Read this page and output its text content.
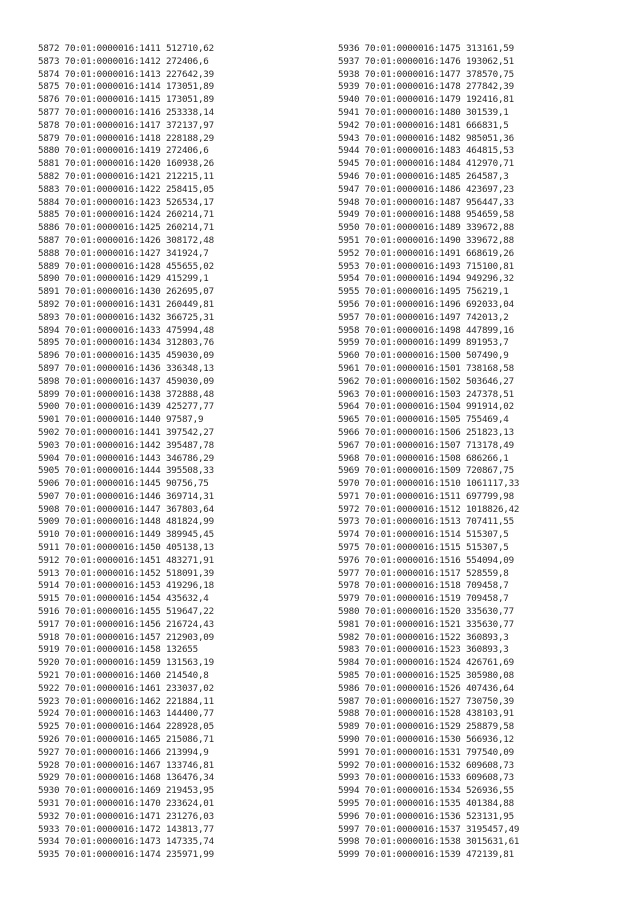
5872 70:01:0000016:1411 512710,62
5873 70:01:0000016:1412 272406,6
5874 70:01:0000016:1413 227642,39
5875 70:01:0000016:1414 173051,89
5876 70:01:0000016:1415 173051,89
5877 70:01:0000016:1416 253338,14
5878 70:01:0000016:1417 372137,97
5879 70:01:0000016:1418 228188,29
5880 70:01:0000016:1419 272406,6
5881 70:01:0000016:1420 160938,26
5882 70:01:0000016:1421 212215,11
5883 70:01:0000016:1422 258415,05
5884 70:01:0000016:1423 526534,17
5885 70:01:0000016:1424 260214,71
5886 70:01:0000016:1425 260214,71
5887 70:01:0000016:1426 308172,48
5888 70:01:0000016:1427 341924,7
5889 70:01:0000016:1428 455655,02
5890 70:01:0000016:1429 415299,1
5891 70:01:0000016:1430 262695,07
5892 70:01:0000016:1431 260449,81
5893 70:01:0000016:1432 366725,31
5894 70:01:0000016:1433 475994,48
5895 70:01:0000016:1434 312803,76
5896 70:01:0000016:1435 459030,09
5897 70:01:0000016:1436 336348,13
5898 70:01:0000016:1437 459030,09
5899 70:01:0000016:1438 372888,48
5900 70:01:0000016:1439 425277,77
5901 70:01:0000016:1440 97587,9
5902 70:01:0000016:1441 397542,27
5903 70:01:0000016:1442 395487,78
5904 70:01:0000016:1443 346786,29
5905 70:01:0000016:1444 395508,33
5906 70:01:0000016:1445 90756,75
5907 70:01:0000016:1446 369714,31
5908 70:01:0000016:1447 367803,64
5909 70:01:0000016:1448 481824,99
5910 70:01:0000016:1449 389945,45
5911 70:01:0000016:1450 405138,13
5912 70:01:0000016:1451 483271,91
5913 70:01:0000016:1452 518091,39
5914 70:01:0000016:1453 419296,18
5915 70:01:0000016:1454 435632,4
5916 70:01:0000016:1455 519647,22
5917 70:01:0000016:1456 216724,43
5918 70:01:0000016:1457 212903,09
5919 70:01:0000016:1458 132655
5920 70:01:0000016:1459 131563,19
5921 70:01:0000016:1460 214540,8
5922 70:01:0000016:1461 233037,02
5923 70:01:0000016:1462 221884,11
5924 70:01:0000016:1463 144400,77
5925 70:01:0000016:1464 228928,05
5926 70:01:0000016:1465 215086,71
5927 70:01:0000016:1466 213994,9
5928 70:01:0000016:1467 133746,81
5929 70:01:0000016:1468 136476,34
5930 70:01:0000016:1469 219453,95
5931 70:01:0000016:1470 233624,01
5932 70:01:0000016:1471 231276,03
5933 70:01:0000016:1472 143813,77
5934 70:01:0000016:1473 147335,74
5935 70:01:0000016:1474 235971,99
5936 70:01:0000016:1475 313161,59
5937 70:01:0000016:1476 193062,51
5938 70:01:0000016:1477 378570,75
5939 70:01:0000016:1478 277842,39
5940 70:01:0000016:1479 192416,81
5941 70:01:0000016:1480 301539,1
5942 70:01:0000016:1481 666831,5
5943 70:01:0000016:1482 985051,36
5944 70:01:0000016:1483 464815,53
5945 70:01:0000016:1484 412970,71
5946 70:01:0000016:1485 264587,3
5947 70:01:0000016:1486 423697,23
5948 70:01:0000016:1487 956447,33
5949 70:01:0000016:1488 954659,58
5950 70:01:0000016:1489 339672,88
5951 70:01:0000016:1490 339672,88
5952 70:01:0000016:1491 668619,26
5953 70:01:0000016:1493 715100,81
5954 70:01:0000016:1494 949296,32
5955 70:01:0000016:1495 756219,1
5956 70:01:0000016:1496 692033,04
5957 70:01:0000016:1497 742013,2
5958 70:01:0000016:1498 447899,16
5959 70:01:0000016:1499 891953,7
5960 70:01:0000016:1500 507490,9
5961 70:01:0000016:1501 738168,58
5962 70:01:0000016:1502 503646,27
5963 70:01:0000016:1503 247378,51
5964 70:01:0000016:1504 991914,02
5965 70:01:0000016:1505 755469,4
5966 70:01:0000016:1506 251823,13
5967 70:01:0000016:1507 713178,49
5968 70:01:0000016:1508 686266,1
5969 70:01:0000016:1509 720867,75
5970 70:01:0000016:1510 1061117,33
5971 70:01:0000016:1511 697799,98
5972 70:01:0000016:1512 1018826,42
5973 70:01:0000016:1513 707411,55
5974 70:01:0000016:1514 515307,5
5975 70:01:0000016:1515 515307,5
5976 70:01:0000016:1516 554094,09
5977 70:01:0000016:1517 528559,8
5978 70:01:0000016:1518 709458,7
5979 70:01:0000016:1519 709458,7
5980 70:01:0000016:1520 335630,77
5981 70:01:0000016:1521 335630,77
5982 70:01:0000016:1522 360893,3
5983 70:01:0000016:1523 360893,3
5984 70:01:0000016:1524 426761,69
5985 70:01:0000016:1525 305980,08
5986 70:01:0000016:1526 407436,64
5987 70:01:0000016:1527 730750,39
5988 70:01:0000016:1528 438103,91
5989 70:01:0000016:1529 258879,58
5990 70:01:0000016:1530 566936,12
5991 70:01:0000016:1531 797540,09
5992 70:01:0000016:1532 609608,73
5993 70:01:0000016:1533 609608,73
5994 70:01:0000016:1534 526936,55
5995 70:01:0000016:1535 401384,88
5996 70:01:0000016:1536 523131,95
5997 70:01:0000016:1537 3195457,49
5998 70:01:0000016:1538 3015631,61
5999 70:01:0000016:1539 472139,81
